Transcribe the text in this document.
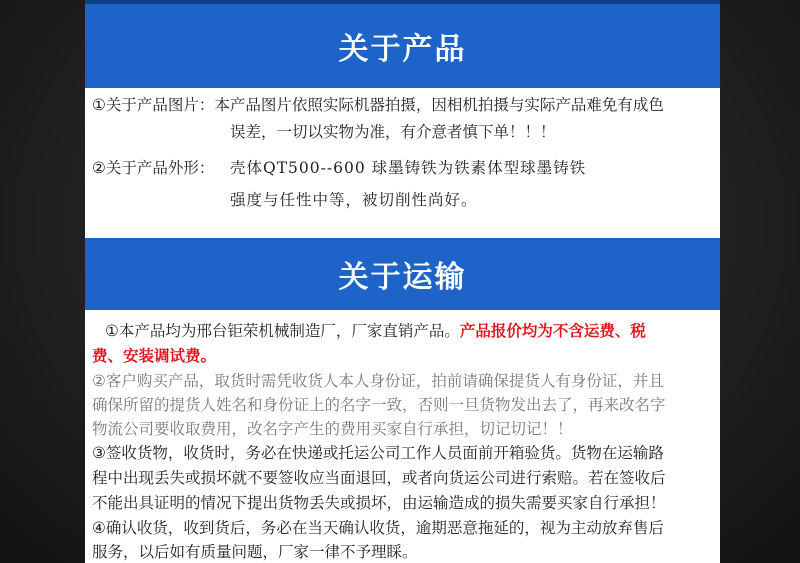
关于产品
①关于产品图片：本产品图片依照实际机器拍摄，因相机拍摄与实际产品难免有成色
误差，一切以实物为准，有介意者慎下单！！！
②关于产品外形： 壳体QT500--600 球墨铸铁为铁素体型球墨铸铁
强度与任性中等，被切削性尚好。
关于运输
①本产品均为邢台钜荣机械制造厂，厂家直销产品。产品报价均为不含运费、税
费、安装调试费。
②客户购买产品，取货时需凭收货人本人身份证，拍前请确保提货人有身份证，并且
确保所留的提货人姓名和身份证上的名字一致，否则一旦货物发出去了，再来改名字
物流公司要收取费用，改名字产生的费用买家自行承担，切记切记！！
③签收货物，收货时，务必在快递或托运公司工作人员面前开箱验货。货物在运输路
程中出现丢失或损坏就不要签收应当面退回，或者向货运公司进行索赔。若在签收后
不能出具证明的情况下提出货物丢失或损坏，由运输造成的损失需要买家自行承担！
④确认收货，收到货后，务必在当天确认收货，逾期恶意拖延的，视为主动放弃售后
服务，以后如有质量问题，厂家一律不予理睬。
